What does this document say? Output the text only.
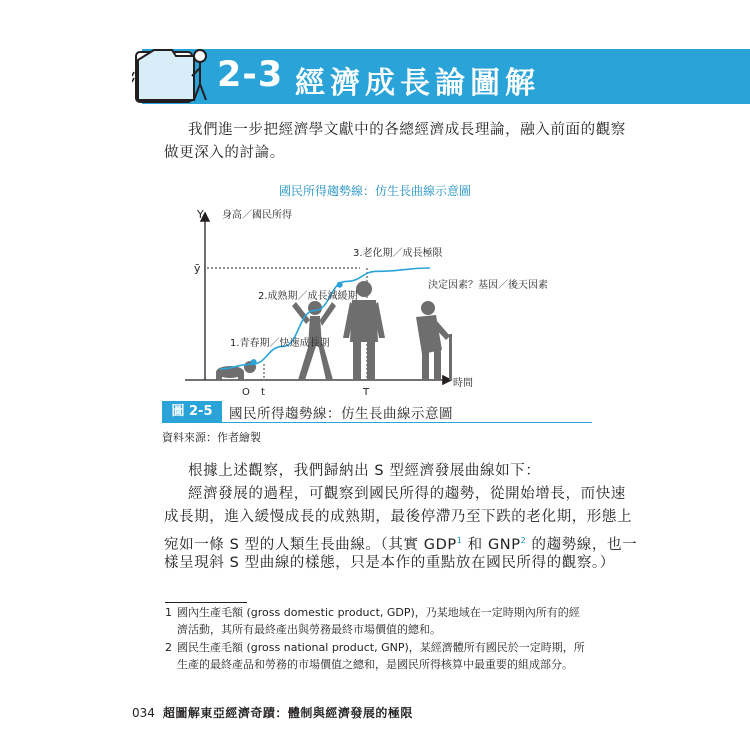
2-3 經濟成長論圖解
我們進一步把經濟學文獻中的各總經濟成長理論，融入前面的觀察
做更深入的討論。
國民所得趨勢線：仿生長曲線示意圖
Y 身高／國民所得
時間
ȳ
O t	T
1.青春期／快速成長期
2.成熟期／成長減緩期
3.老化期／成長極限
決定因素？基因／後天因素
圖 2-5	國民所得趨勢線：仿生長曲線示意圖
資料來源：作者繪製
根據上述觀察，我們歸納出 S 型經濟發展曲線如下：
經濟發展的過程，可觀察到國民所得的趨勢，從開始增長，而快速
成長期，進入緩慢成長的成熟期，最後停滯乃至下跌的老化期，形態上
宛如一條 S 型的人類生長曲線。（其實 GDP$^1$ 和 GNP$^2$ 的趨勢線，也一
樣呈現斜 S 型曲線的樣態，只是本作的重點放在國民所得的觀察。）
1 國內生產毛額 (gross domestic product, GDP)，乃某地域在一定時期內所有的經
濟活動，其所有最終產出與勞務最終市場價值的總和。
2 國民生產毛額 (gross national product, GNP)，某經濟體所有國民於一定時期，所
生產的最終產品和勞務的市場價值之總和，是國民所得核算中最重要的組成部分。
034 超圖解東亞經濟奇蹟：體制與經濟發展的極限
